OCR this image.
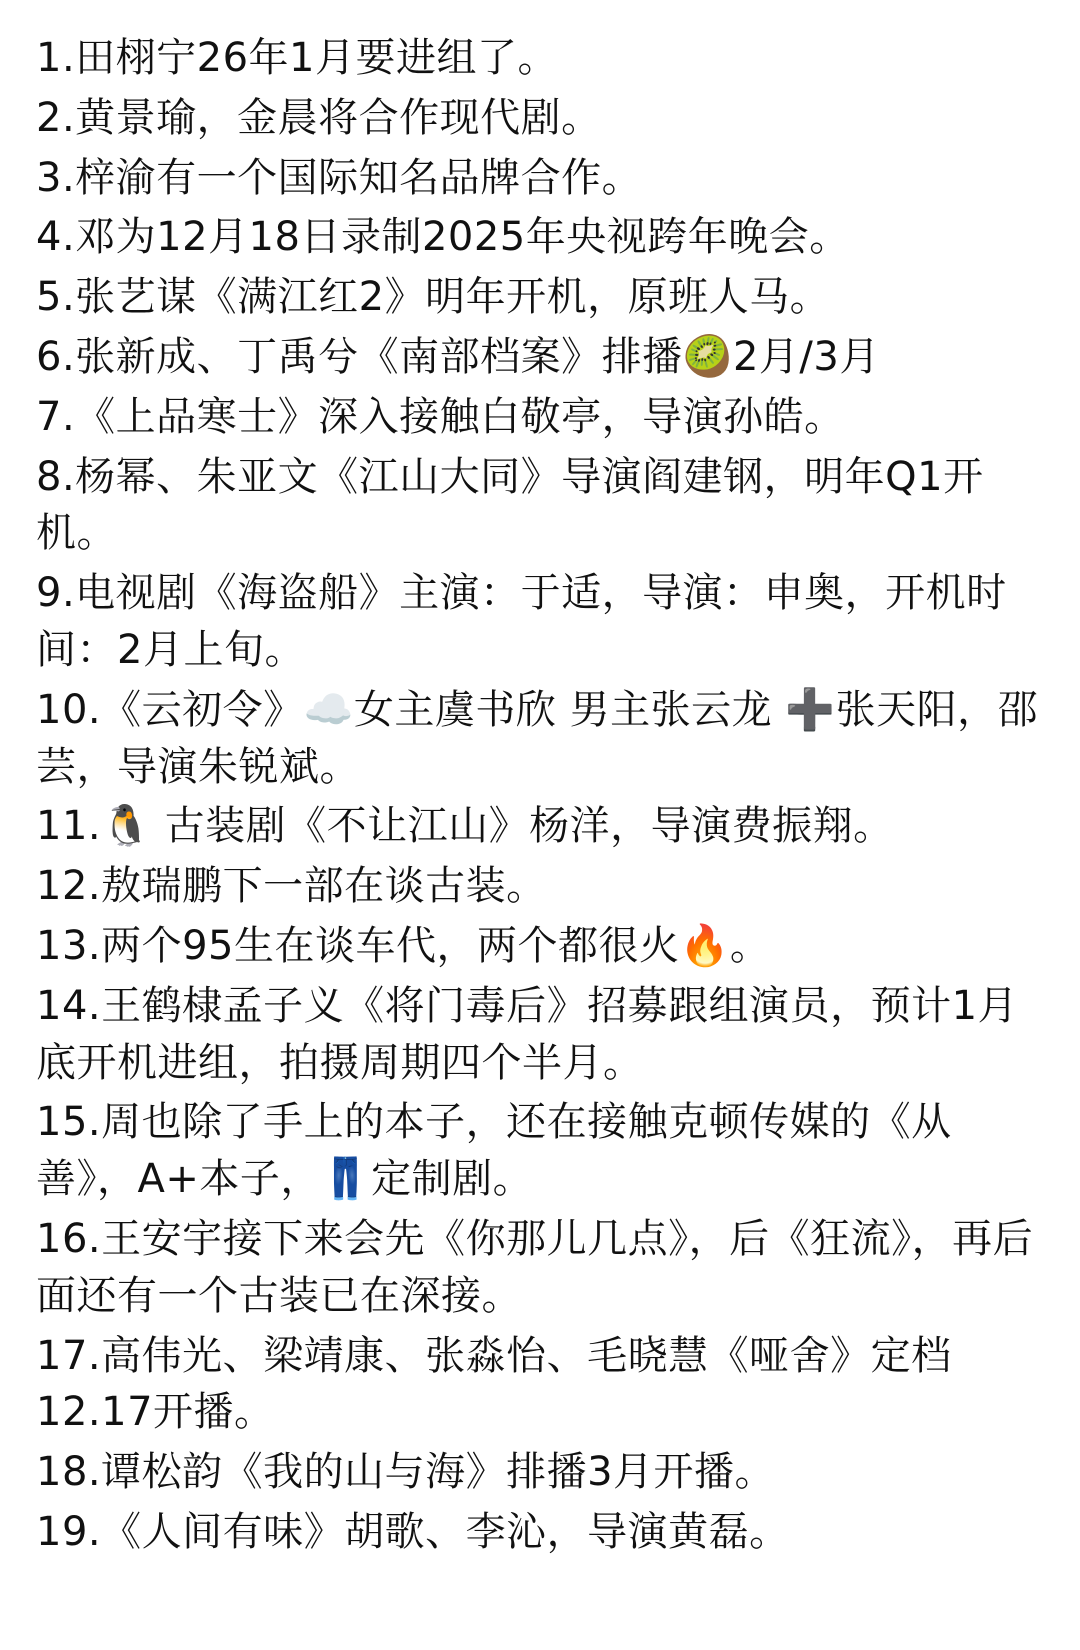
1.田栩宁26年1月要进组了。

2.黄景瑜，金晨将合作现代剧。

3.梓渝有一个国际知名品牌合作。

4.邓为12月18日录制2025年央视跨年晚会。

5.张艺谋《满江红2》明年开机，原班人马。

6.张新成、丁禹兮《南部档案》排播🥝2月/3月

7.《上品寒士》深入接触白敬亭，导演孙皓。

8.杨幂、朱亚文《江山大同》导演阎建钢，明年Q1开机。

9.电视剧《海盗船》主演：于适，导演：申奥，开机时间：2月上旬。

10.《云初令》☁️女主虞书欣 男主张云龙 ➕张天阳，邵芸，导演朱锐斌。

11.🐧 古装剧《不让江山》杨洋，导演费振翔。

12.敖瑞鹏下一部在谈古装。

13.两个95生在谈车代，两个都很火🔥。

14.王鹤棣孟子义《将门毒后》招募跟组演员，预计1月底开机进组，拍摄周期四个半月。

15.周也除了手上的本子，还在接触克顿传媒的《从善》，A+本子，👖定制剧。

16.王安宇接下来会先《你那儿几点》，后《狂流》，再后面还有一个古装已在深接。

17.高伟光、梁靖康、张淼怡、毛晓慧《哑舍》定档12.17开播。

18.谭松韵《我的山与海》排播3月开播。

19.《人间有味》胡歌、李沁，导演黄磊。
